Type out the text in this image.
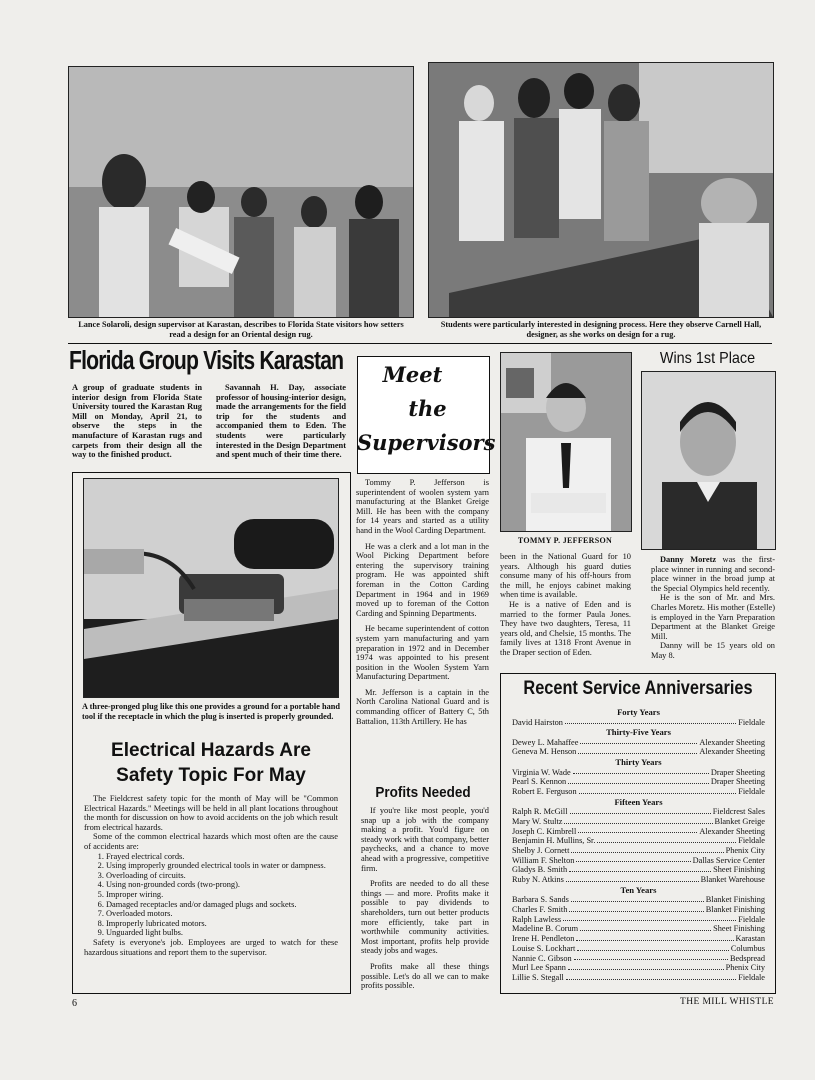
Lance Solaroli, design supervisor at Karastan, describes to Florida State visitors how setters read a design for an Oriental design rug.
Students were particularly interested in designing process. Here they observe Carnell Hall, designer, as she works on design for a rug.
Florida Group Visits Karastan
A group of graduate students in interior design from Florida State University toured the Karastan Rug Mill on Monday, April 21, to observe the steps in the manufacture of Karastan rugs and carpets from their design all the way to the finished product.
Savannah H. Day, associate professor of housing-interior design, made the arrangements for the field trip for the students and accompanied them to Eden. The students were particularly interested in the Design Department and spent much of their time there.
A three-pronged plug like this one provides a ground for a portable hand tool if the receptacle in which the plug is inserted is properly grounded.
Electrical Hazards Are
Safety Topic For May

The Fieldcrest safety topic for the month of May will be "Common Electrical Hazards." Meetings will be held in all plant locations throughout the month for discussion on how to avoid accidents on the job which result from electrical hazards.

Some of the common electrical hazards which most often are the cause of accidents are:

1. Frayed electrical cords.
2. Using improperly grounded electrical tools in water or dampness.
3. Overloading of circuits.
4. Using non-grounded cords (two-prong).
5. Improper wiring.
6. Damaged receptacles and/or damaged plugs and sockets.
7. Overloaded motors.
8. Improperly lubricated motors.
9. Unguarded light bulbs.

Safety is everyone's job. Employees are urged to watch for these hazardous situations and report them to the supervisor.

Meet
the
Supervisors

Tommy P. Jefferson is superintendent of woolen system yarn manufacturing at the Blanket Greige Mill. He has been with the company for 14 years and started as a utility hand in the Wool Carding Department.

He was a clerk and a lot man in the Wool Picking Department before entering the supervisory training program. He was appointed shift foreman in the Cotton Carding Department in 1964 and in 1969 moved up to foreman of the Cotton Carding and Spinning Departments.

He became superintendent of cotton system yarn manufacturing and yarn preparation in 1972 and in December 1974 was appointed to his present position in the Woolen System Yarn Manufacturing Department.

Mr. Jefferson is a captain in the North Carolina National Guard and is commanding officer of Battery C, 5th Battalion, 113th Artillery. He has

TOMMY P. JEFFERSON

been in the National Guard for 10 years. Although his guard duties consume many of his off-hours from the mill, he enjoys cabinet making when time is available.

He is a native of Eden and is married to the former Paula Jones. They have two daughters, Teresa, 11 years old, and Chelsie, 15 months. The family lives at 1318 Front Avenue in the Draper section of Eden.

Profits Needed

If you're like most people, you'd snap up a job with the company making a profit. You'd figure on steady work with that company, better paychecks, and a chance to move ahead with a progressive, competitive firm.

Profits are needed to do all these things — and more. Profits make it possible to pay dividends to shareholders, turn out better products more efficiently, take part in worthwhile community activities. Most important, profits help provide steady jobs and wages.

Profits make all these things possible. Let's do all we can to make profits possible.

Wins 1st Place

Danny Moretz was the first-place winner in running and second-place winner in the broad jump at the Special Olympics held recently.

He is the son of Mr. and Mrs. Charles Moretz. His mother (Estelle) is employed in the Yarn Preparation Department at the Blanket Greige Mill.

Danny will be 15 years old on May 8.

Recent Service Anniversaries
Forty Years
David Hairston	Fieldale
Thirty-Five Years
Dewey L. Mahaffee	Alexander Sheeting
Geneva M. Henson	Alexander Sheeting
Thirty Years
Virginia W. Wade	Draper Sheeting
Pearl S. Kennon	Draper Sheeting
Robert E. Ferguson	Fieldale
Fifteen Years
Ralph R. McGill	Fieldcrest Sales
Mary W. Stultz	Blanket Greige
Joseph C. Kimbrell	Alexander Sheeting
Benjamin H. Mullins, Sr.	Fieldale
Shelby J. Cornett	Phenix City
William F. Shelton	Dallas Service Center
Gladys B. Smith	Sheet Finishing
Ruby N. Atkins	Blanket Warehouse
Ten Years
Barbara S. Sands	Blanket Finishing
Charles F. Smith	Blanket Finishing
Ralph Lawless	Fieldale
Madeline B. Corum	Sheet Finishing
Irene H. Pendleton	Karastan
Louise S. Lockhart	Columbus
Nannie C. Gibson	Bedspread
Murl Lee Spann	Phenix City
Lillie S. Stegall	Fieldale
6	THE MILL WHISTLE
